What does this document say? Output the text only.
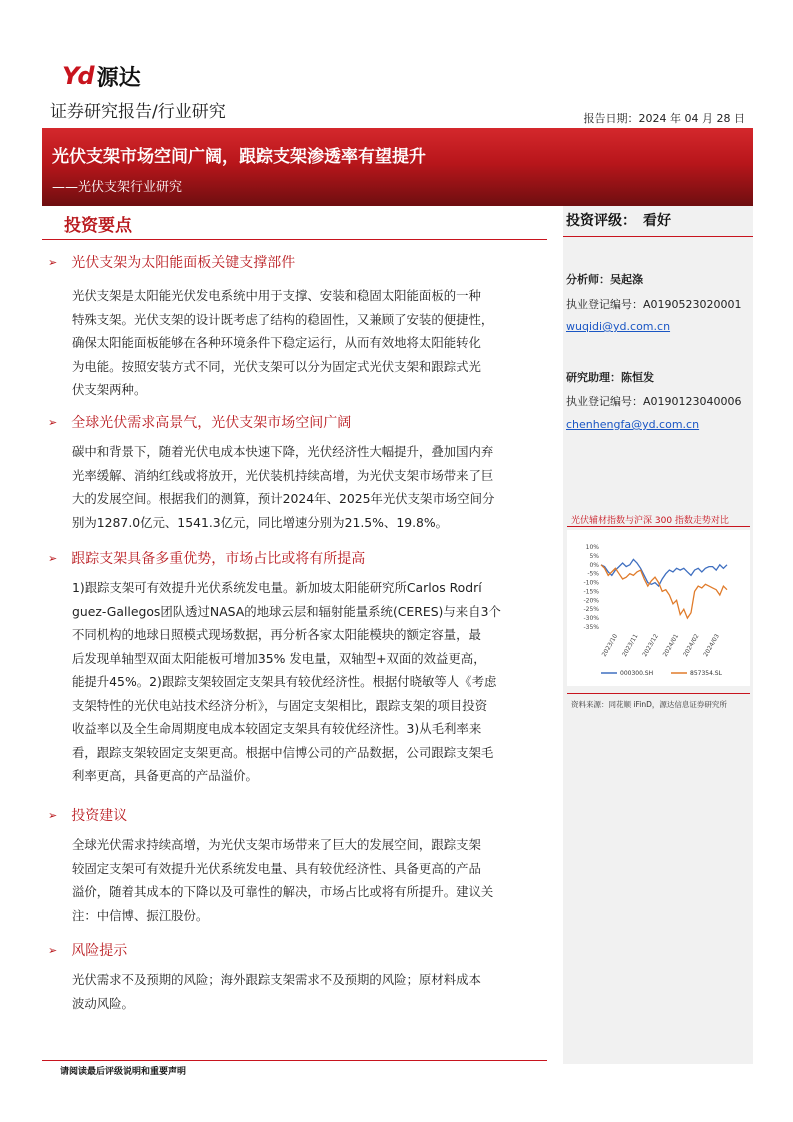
Yd 源达
证券研究报告/行业研究	报告日期：2024 年 04 月 28 日
光伏支架市场空间广阔，跟踪支架渗透率有望提升
——光伏支架行业研究
投资评级：　看好
分析师：吴起涤
执业登记编号：A0190523020001
wuqidi@yd.com.cn
研究助理：陈恒发
执业登记编号：A0190123040006
chenhengfa@yd.com.cn
光伏辅材指数与沪深 300 指数走势对比
10%
5%
0%
-5%
-10%
-15%
-20%
-25%
-30%
-35%
2023/10 2023/11 2023/12 2024/01 2024/02 2024/03
000300.SH	857354.SL
资料来源：同花顺 iFinD，源达信息证券研究所
投资要点
➢ 光伏支架为太阳能面板关键支撑部件
光伏支架是太阳能光伏发电系统中用于支撑、安装和稳固太阳能面板的一种
特殊支架。光伏支架的设计既考虑了结构的稳固性，又兼顾了安装的便捷性，
确保太阳能面板能够在各种环境条件下稳定运行，从而有效地将太阳能转化
为电能。按照安装方式不同，光伏支架可以分为固定式光伏支架和跟踪式光
伏支架两种。
➢ 全球光伏需求高景气，光伏支架市场空间广阔
碳中和背景下，随着光伏电成本快速下降，光伏经济性大幅提升，叠加国内弃
光率缓解、消纳红线或将放开，光伏装机持续高增，为光伏支架市场带来了巨
大的发展空间。根据我们的测算，预计2024年、2025年光伏支架市场空间分
别为1287.0亿元、1541.3亿元，同比增速分别为21.5%、19.8%。
➢ 跟踪支架具备多重优势，市场占比或将有所提高
1)跟踪支架可有效提升光伏系统发电量。新加坡太阳能研究所Carlos Rodrí
guez-Gallegos团队透过NASA的地球云层和辐射能量系统(CERES)与来自3个
不同机构的地球日照模式现场数据，再分析各家太阳能模块的额定容量，最
后发现单轴型双面太阳能板可增加35% 发电量，双轴型+双面的效益更高，
能提升45%。2)跟踪支架较固定支架具有较优经济性。根据付晓敏等人《考虑
支架特性的光伏电站技术经济分析》，与固定支架相比，跟踪支架的项目投资
收益率以及全生命周期度电成本较固定支架具有较优经济性。3)从毛利率来
看，跟踪支架较固定支架更高。根据中信博公司的产品数据，公司跟踪支架毛
利率更高，具备更高的产品溢价。
➢ 投资建议
全球光伏需求持续高增，为光伏支架市场带来了巨大的发展空间，跟踪支架
较固定支架可有效提升光伏系统发电量、具有较优经济性、具备更高的产品
溢价，随着其成本的下降以及可靠性的解决，市场占比或将有所提升。建议关
注：中信博、振江股份。
➢ 风险提示
光伏需求不及预期的风险；海外跟踪支架需求不及预期的风险；原材料成本
波动风险。
请阅读最后评级说明和重要声明
